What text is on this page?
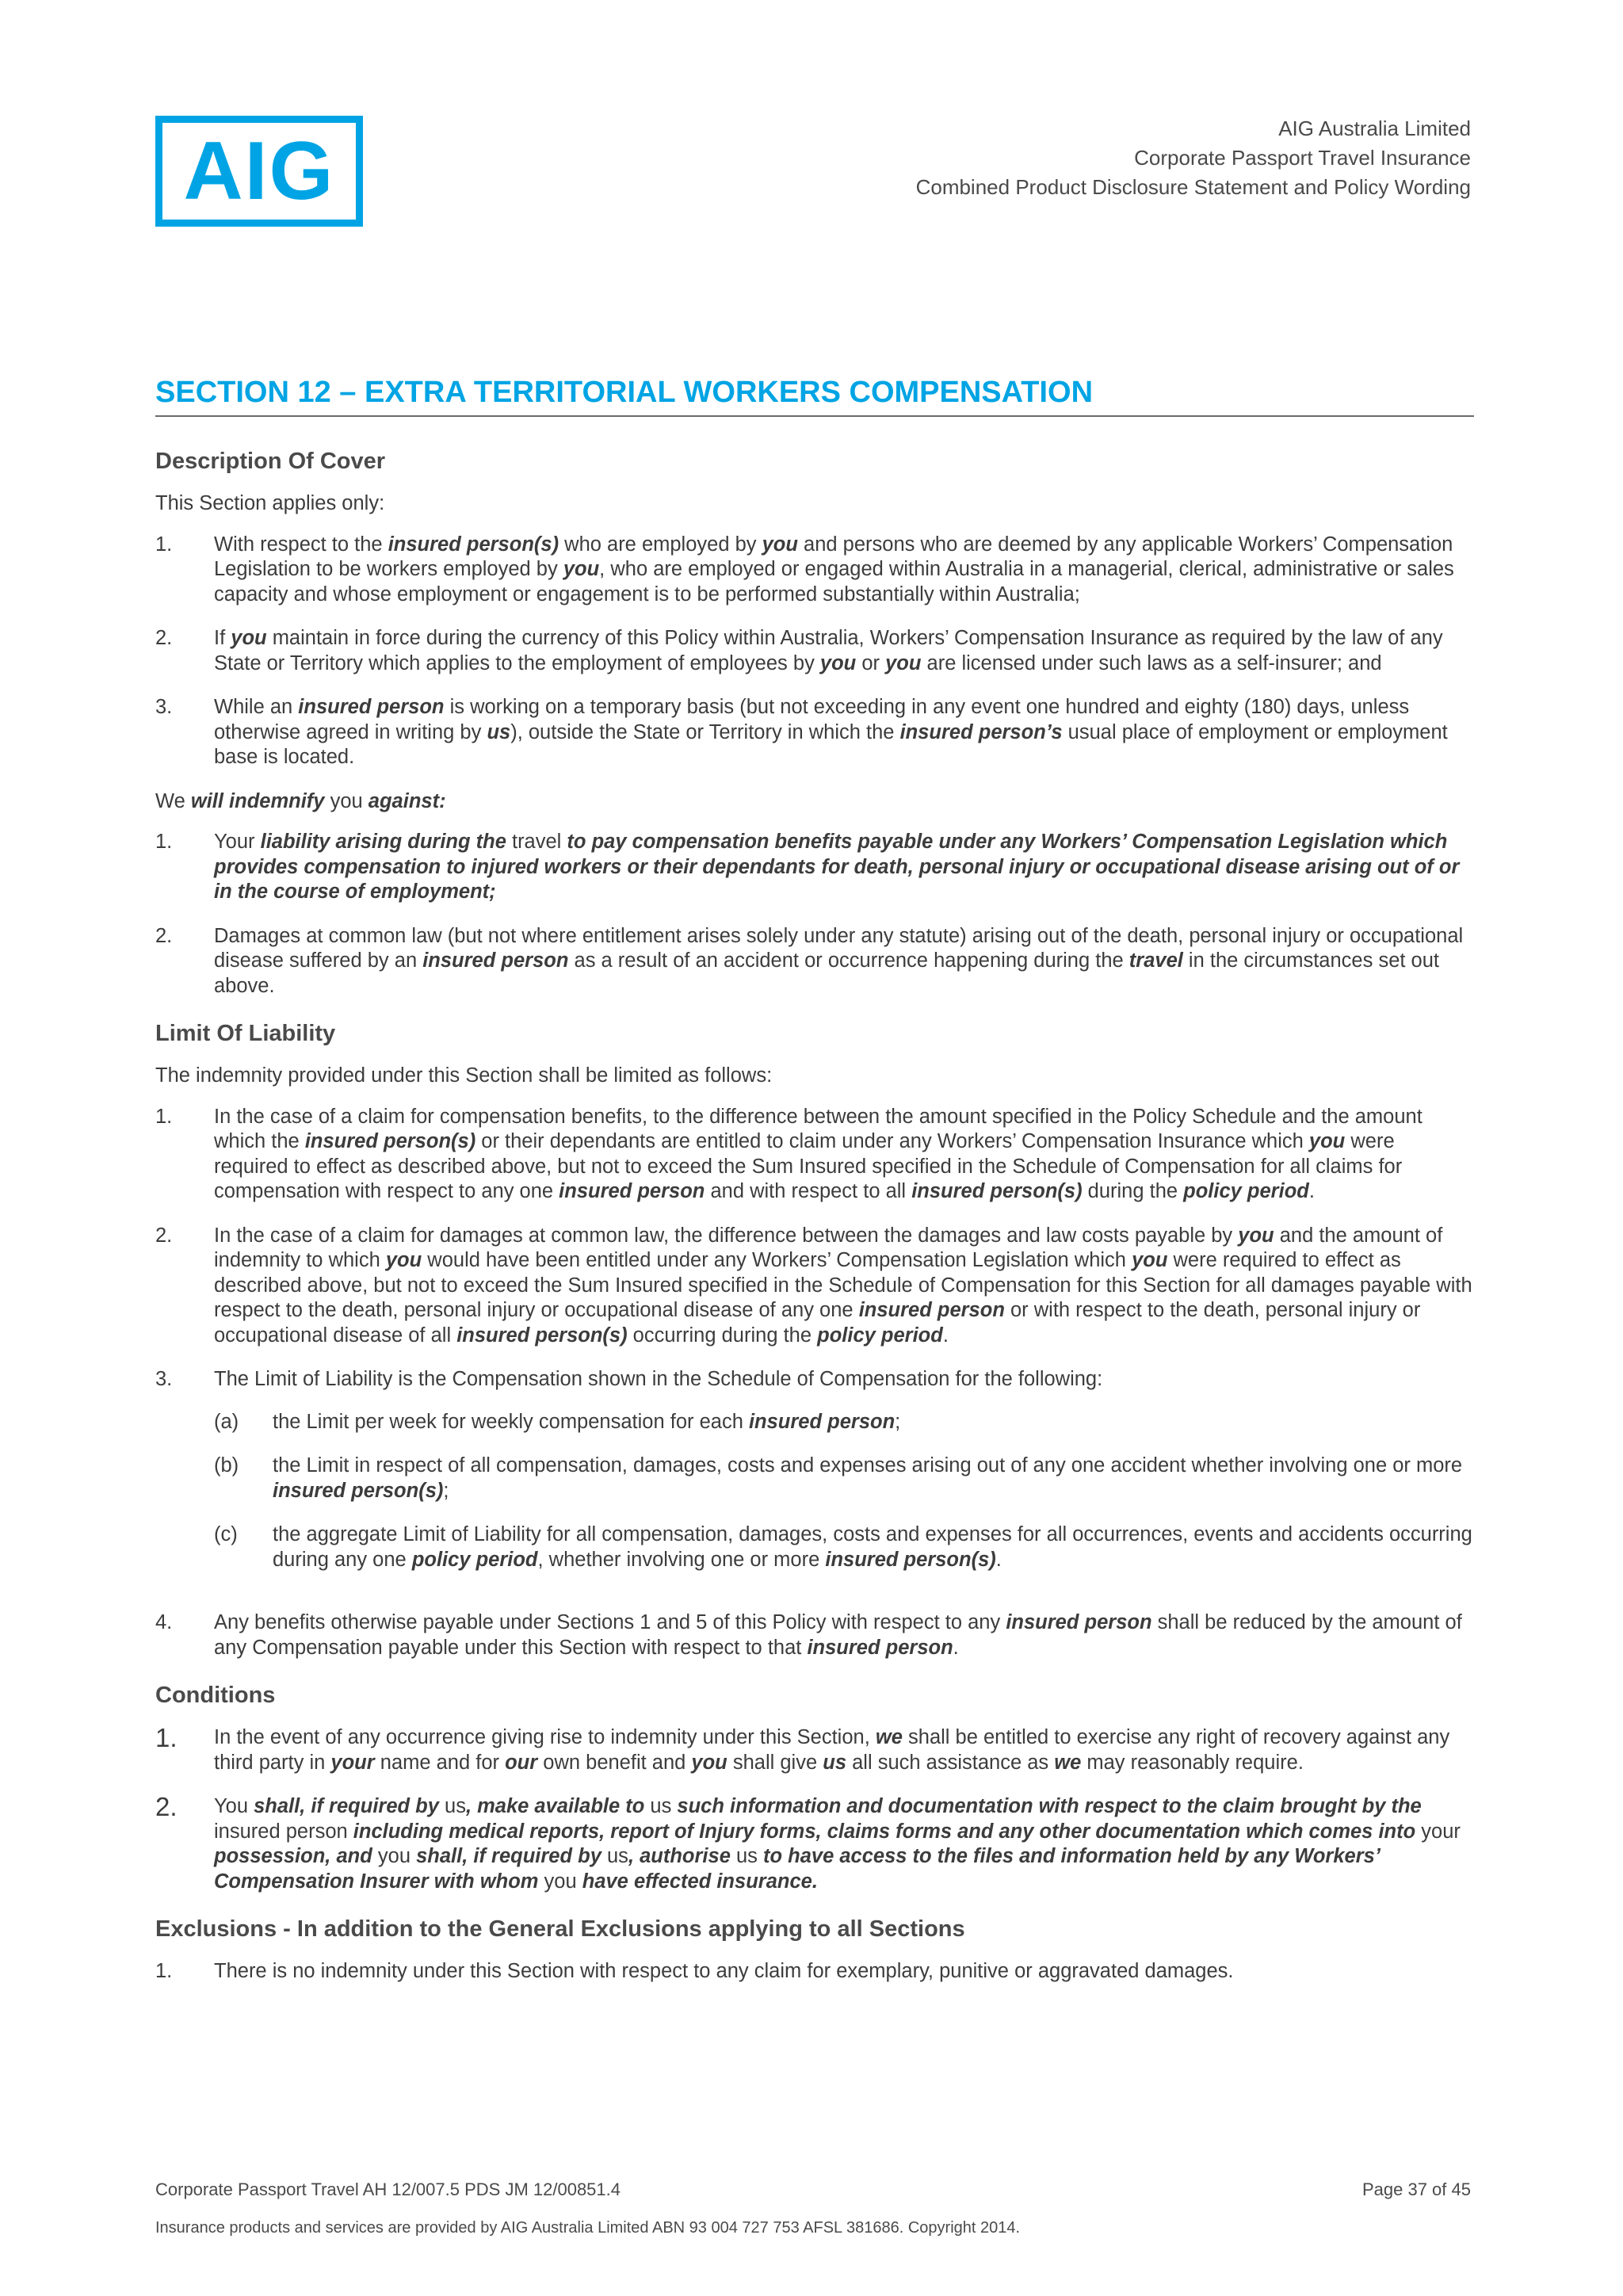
AIG	AIG Australia Limited
Corporate Passport Travel Insurance
Combined Product Disclosure Statement and Policy Wording
SECTION 12 – EXTRA TERRITORIAL WORKERS COMPENSATION
Description Of Cover

This Section applies only:

1.	With respect to the insured person(s) who are employed by you and persons who are deemed by any applicable Workers’ Compensation Legislation to be workers employed by you, who are employed or engaged within Australia in a managerial, clerical, administrative or sales capacity and whose employment or engagement is to be performed substantially within Australia;
2.	If you maintain in force during the currency of this Policy within Australia, Workers’ Compensation Insurance as required by the law of any State or Territory which applies to the employment of employees by you or you are licensed under such laws as a self-insurer; and
3.	While an insured person is working on a temporary basis (but not exceeding in any event one hundred and eighty (180) days, unless otherwise agreed in writing by us), outside the State or Territory in which the insured person’s usual place of employment or employment base is located.

We will indemnify you against:

1.	Your liability arising during the travel to pay compensation benefits payable under any Workers’ Compensation Legislation which provides compensation to injured workers or their dependants for death, personal injury or occupational disease arising out of or in the course of employment;
2.	Damages at common law (but not where entitlement arises solely under any statute) arising out of the death, personal injury or occupational disease suffered by an insured person as a result of an accident or occurrence happening during the travel in the circumstances set out above.
Limit Of Liability

The indemnity provided under this Section shall be limited as follows:

1.	In the case of a claim for compensation benefits, to the difference between the amount specified in the Policy Schedule and the amount which the insured person(s) or their dependants are entitled to claim under any Workers’ Compensation Insurance which you were required to effect as described above, but not to exceed the Sum Insured specified in the Schedule of Compensation for all claims for compensation with respect to any one insured person and with respect to all insured person(s) during the policy period.
2.	In the case of a claim for damages at common law, the difference between the damages and law costs payable by you and the amount of indemnity to which you would have been entitled under any Workers’ Compensation Legislation which you were required to effect as described above, but not to exceed the Sum Insured specified in the Schedule of Compensation for this Section for all damages payable with respect to the death, personal injury or occupational disease of any one insured person or with respect to the death, personal injury or occupational disease of all insured person(s) occurring during the policy period.
3.	The Limit of Liability is the Compensation shown in the Schedule of Compensation for the following:
(a)	the Limit per week for weekly compensation for each insured person;
(b)	the Limit in respect of all compensation, damages, costs and expenses arising out of any one accident whether involving one or more insured person(s);
(c)	the aggregate Limit of Liability for all compensation, damages, costs and expenses for all occurrences, events and accidents occurring during any one policy period, whether involving one or more insured person(s).
4.	Any benefits otherwise payable under Sections 1 and 5 of this Policy with respect to any insured person shall be reduced by the amount of any Compensation payable under this Section with respect to that insured person.
Conditions
1.	In the event of any occurrence giving rise to indemnity under this Section, we shall be entitled to exercise any right of recovery against any third party in your name and for our own benefit and you shall give us all such assistance as we may reasonably require.
2.	You shall, if required by us, make available to us such information and documentation with respect to the claim brought by the insured person including medical reports, report of Injury forms, claims forms and any other documentation which comes into your possession, and you shall, if required by us, authorise us to have access to the files and information held by any Workers’ Compensation Insurer with whom you have effected insurance.
Exclusions - In addition to the General Exclusions applying to all Sections
1.	There is no indemnity under this Section with respect to any claim for exemplary, punitive or aggravated damages.
Corporate Passport Travel AH 12/007.5 PDS JM 12/00851.4	Page 37 of 45
Insurance products and services are provided by AIG Australia Limited ABN 93 004 727 753 AFSL 381686. Copyright 2014.
